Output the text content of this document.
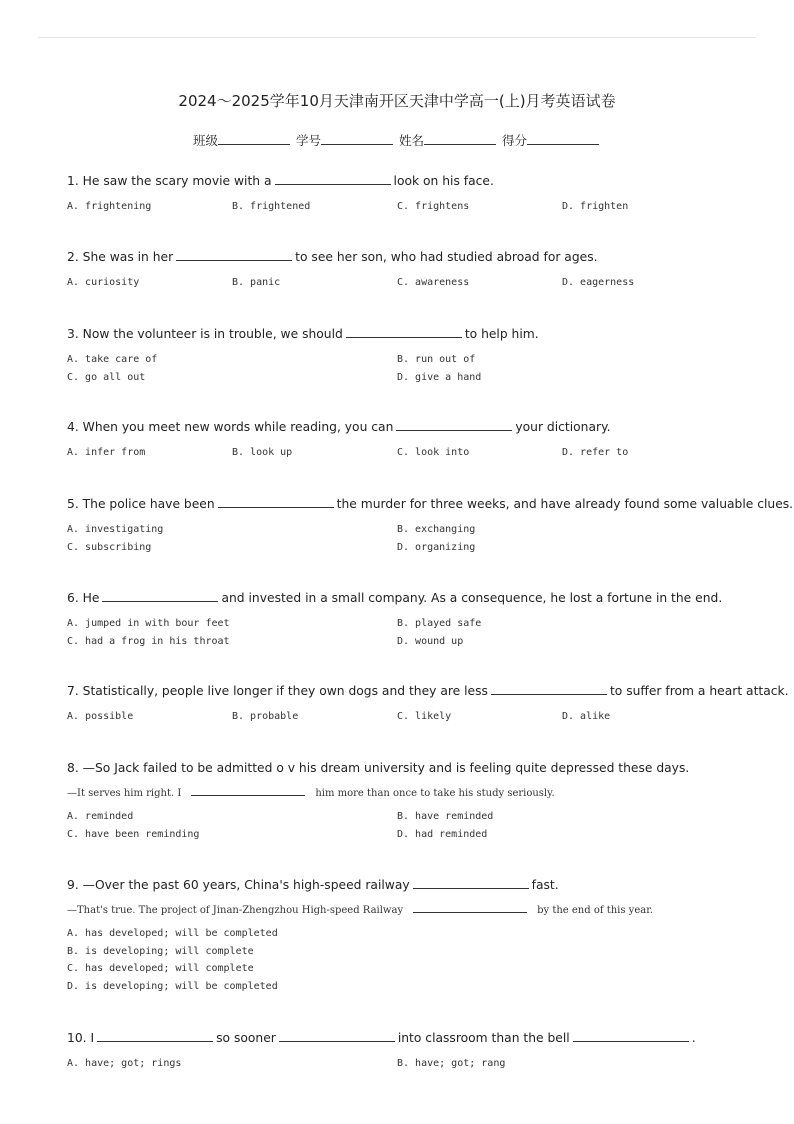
2024～2025学年10月天津南开区天津中学高一(上)月考英语试卷
班级	学号	姓名	得分
1. He saw the scary movie with a	look on his face.
A. frightening	B. frightened	C. frightens	D. frighten
2. She was in her	to see her son, who had studied abroad for ages.
A. curiosity	B. panic	C. awareness	D. eagerness
3. Now the volunteer is in trouble, we should	to help him.
A. take care of	B. run out of
C. go all out	D. give a hand
4. When you meet new words while reading, you can	your dictionary.
A. infer from	B. look up	C. look into	D. refer to
5. The police have been	the murder for three weeks, and have already found some valuable clues.
A. investigating	B. exchanging
C. subscribing	D. organizing
6. He	and invested in a small company. As a consequence, he lost a fortune in the end.
A. jumped in with bour feet	B. played safe
C. had a frog in his throat	D. wound up
7. Statistically, people live longer if they own dogs and they are less	to suffer from a heart attack.
A. possible	B. probable	C. likely	D. alike
8. —So Jack failed to be admitted o v his dream university and is feeling quite depressed these days.
—It serves him right. I	him more than once to take his study seriously.
A. reminded	B. have reminded
C. have been reminding	D. had reminded
9. —Over the past 60 years, China's high-speed railway	fast.
—That's true. The project of Jinan-Zhengzhou High-speed Railway	by the end of this year.
A. has developed; will be completed
B. is developing; will complete
C. has developed; will complete
D. is developing; will be completed
10. I	so sooner	into classroom than the bell	.
A. have; got; rings	B. have; got; rang
